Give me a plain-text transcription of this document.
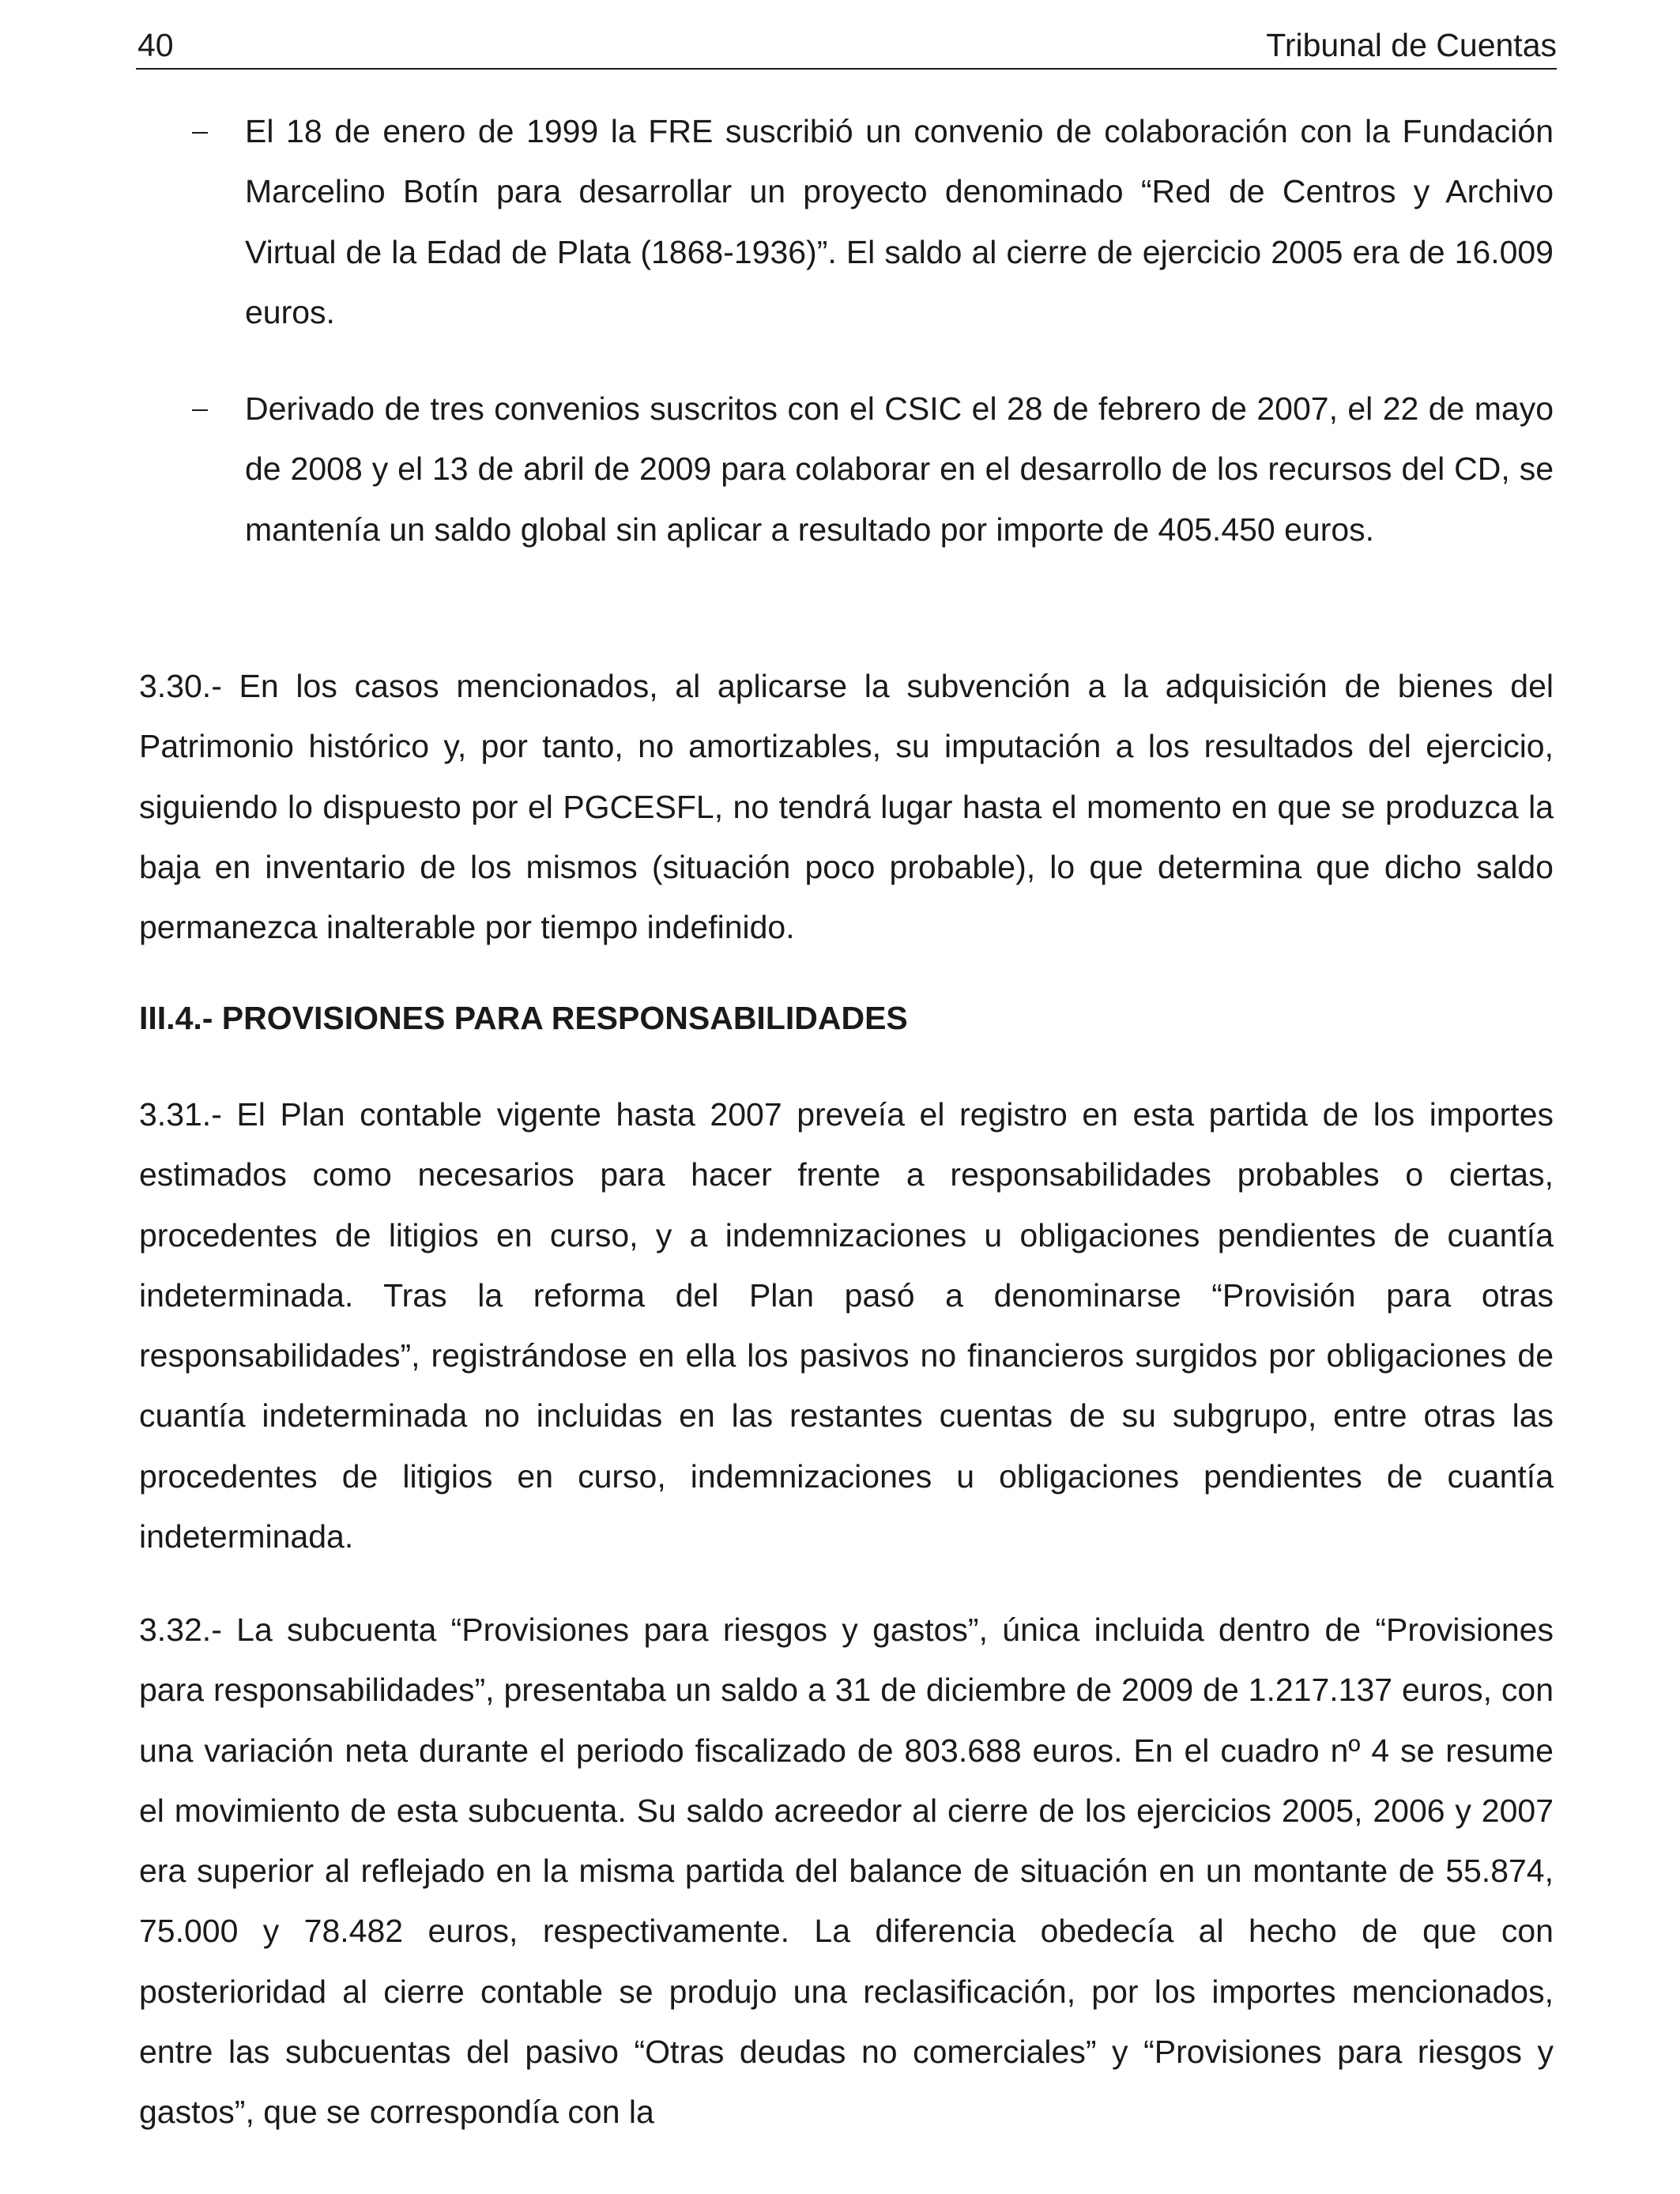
40	Tribunal de Cuentas

El 18 de enero de 1999 la FRE suscribió un convenio de colaboración con la Fundación Marcelino Botín para desarrollar un proyecto denominado “Red de Centros y Archivo Virtual de la Edad de Plata (1868-1936)”. El saldo al cierre de ejercicio 2005 era de 16.009 euros.

Derivado de tres convenios suscritos con el CSIC el 28 de febrero de 2007, el 22 de mayo de 2008 y el 13 de abril de 2009 para colaborar en el desarrollo de los recursos del CD, se mantenía un saldo global sin aplicar a resultado por importe de 405.450 euros.

3.30.- En los casos mencionados, al aplicarse la subvención a la adquisición de bienes del Patrimonio histórico y, por tanto, no amortizables, su imputación a los resultados del ejercicio, siguiendo lo dispuesto por el PGCESFL, no tendrá lugar hasta el momento en que se produzca la baja en inventario de los mismos (situación poco probable), lo que determina que dicho saldo permanezca inalterable por tiempo indefinido.

III.4.- PROVISIONES PARA RESPONSABILIDADES

3.31.- El Plan contable vigente hasta 2007 preveía el registro en esta partida de los importes estimados como necesarios para hacer frente a responsabilidades probables o ciertas, procedentes de litigios en curso, y a indemnizaciones u obligaciones pendientes de cuantía indeterminada. Tras la reforma del Plan pasó a denominarse “Provisión para otras responsabilidades”, registrándose en ella los pasivos no financieros surgidos por obligaciones de cuantía indeterminada no incluidas en las restantes cuentas de su subgrupo, entre otras las procedentes de litigios en curso, indemnizaciones u obligaciones pendientes de cuantía indeterminada.

3.32.- La subcuenta “Provisiones para riesgos y gastos”, única incluida dentro de “Provisiones para responsabilidades”, presentaba un saldo a 31 de diciembre de 2009 de 1.217.137 euros, con una variación neta durante el periodo fiscalizado de 803.688 euros. En el cuadro nº 4 se resume el movimiento de esta subcuenta. Su saldo acreedor al cierre de los ejercicios 2005, 2006 y 2007 era superior al reflejado en la misma partida del balance de situación en un montante de 55.874, 75.000 y 78.482 euros, respectivamente. La diferencia obedecía al hecho de que con posterioridad al cierre contable se produjo una reclasificación, por los importes mencionados, entre las subcuentas del pasivo “Otras deudas no comerciales” y “Provisiones para riesgos y gastos”, que se correspondía con la
